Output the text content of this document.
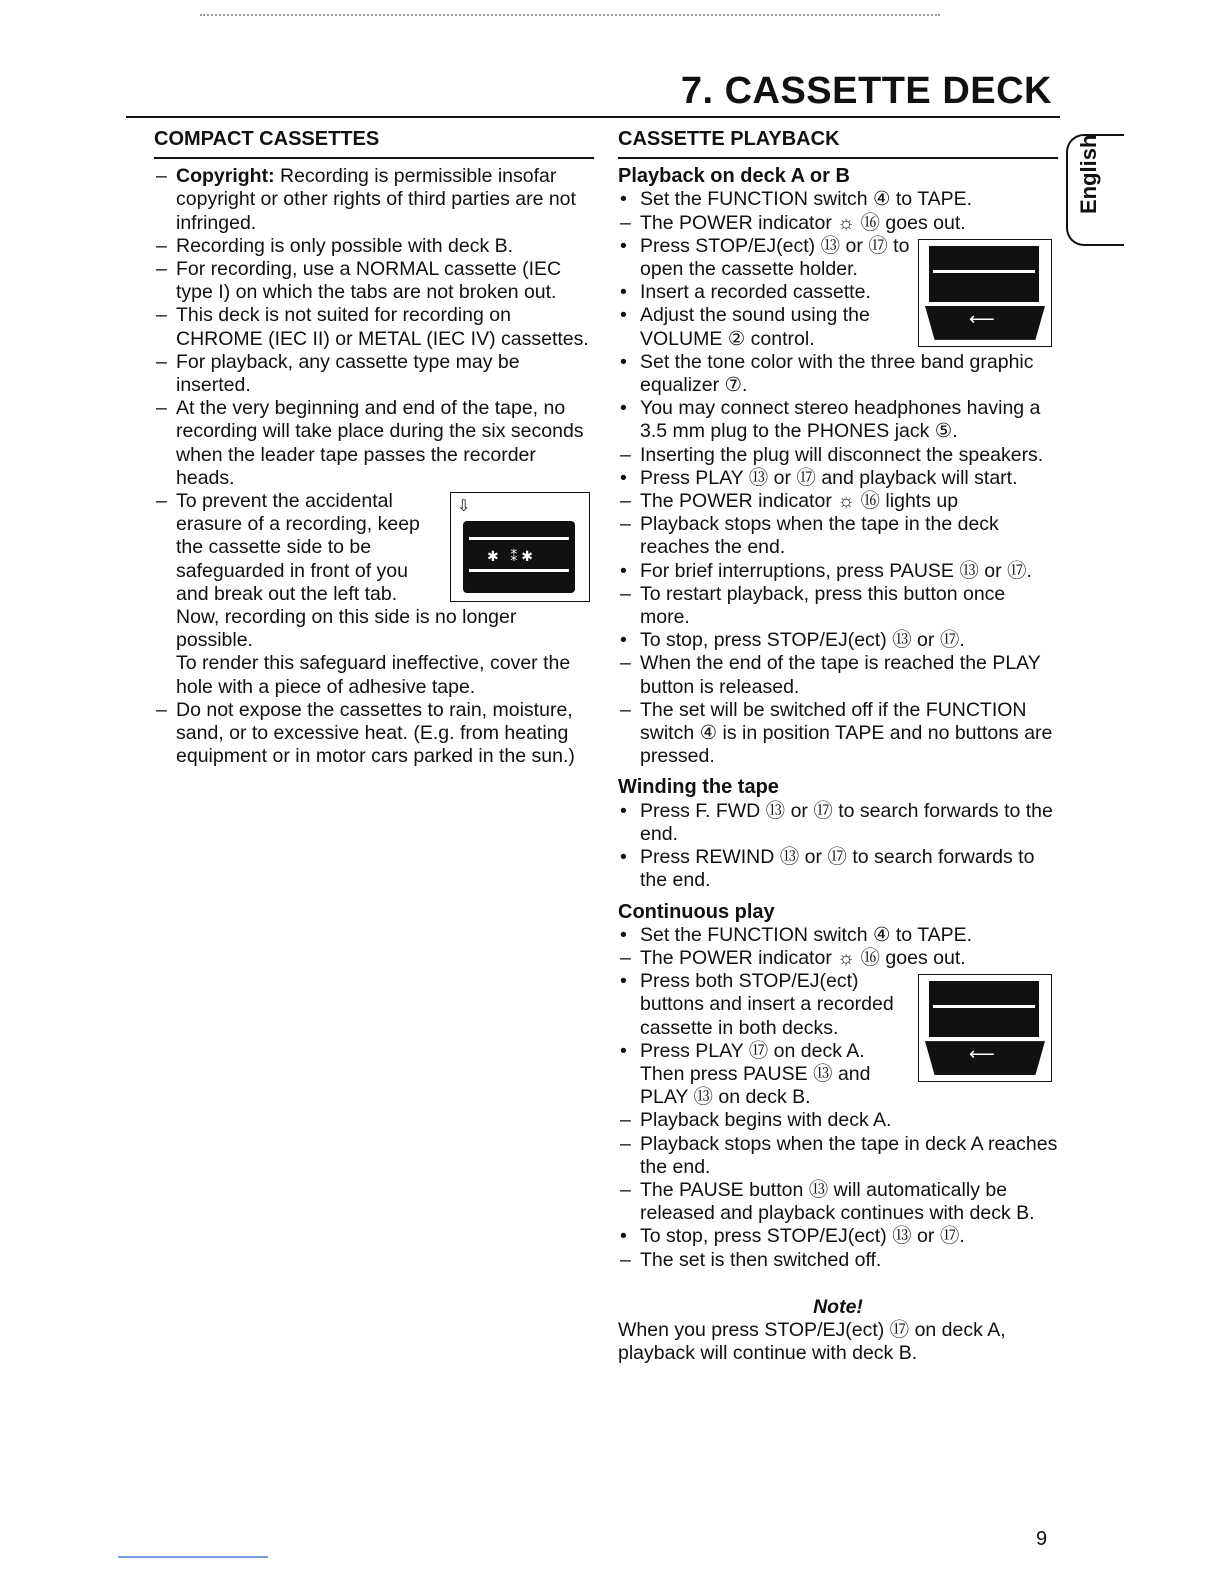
7. CASSETTE DECK
English
COMPACT CASSETTES

– Copyright: Recording is permissible insofar copyright or other rights of third parties are not infringed.

– Recording is only possible with deck B.

– For recording, use a NORMAL cassette (IEC type I) on which the tabs are not broken out.

– This deck is not suited for recording on CHROME (IEC II) or METAL (IEC IV) cassettes.

– For playback, any cassette type may be inserted.

– At the very beginning and end of the tape, no recording will take place during the six seconds when the leader tape passes the recorder heads.

–	⇩
✱   ⁑ ✱
To prevent the accidental erasure of a recording, keep the cassette side to be safeguarded in front of you and break out the left tab. Now, recording on this side is no longer possible.
To render this safeguard ineffective, cover the hole with a piece of adhesive tape.

– Do not expose the cassettes to rain, moisture, sand, or to excessive heat. (E.g. from heating equipment or in motor cars parked in the sun.)

CASSETTE PLAYBACK
Playback on deck A or B

• Set the FUNCTION switch ④ to TAPE.

– The POWER indicator ☼ ⑯ goes out.

⟵

• Press STOP/EJ(ect) ⑬ or ⑰ to open the cassette holder.

• Insert a recorded cassette.

• Adjust the sound using the VOLUME ② control.

• Set the tone color with the three band graphic equalizer ⑦.

• You may connect stereo headphones having a 3.5 mm plug to the PHONES jack ⑤.

– Inserting the plug will disconnect the speakers.

• Press PLAY ⑬ or ⑰ and playback will start.

– The POWER indicator ☼ ⑯ lights up

– Playback stops when the tape in the deck reaches the end.

• For brief interruptions, press PAUSE ⑬ or ⑰.

– To restart playback, press this button once more.

• To stop, press STOP/EJ(ect) ⑬ or ⑰.

– When the end of the tape is reached the PLAY button is released.

– The set will be switched off if the FUNCTION switch ④ is in position TAPE and no buttons are pressed.

Winding the tape

• Press F. FWD ⑬ or ⑰ to search forwards to the end.

• Press REWIND ⑬ or ⑰ to search forwards to the end.

Continuous play

• Set the FUNCTION switch ④ to TAPE.

– The POWER indicator ☼ ⑯ goes out.

⟵

• Press both STOP/EJ(ect) buttons and insert a recorded cassette in both decks.

• Press PLAY ⑰ on deck A. Then press PAUSE ⑬ and PLAY ⑬ on deck B.

– Playback begins with deck A.

– Playback stops when the tape in deck A reaches the end.

– The PAUSE button ⑬ will automatically be released and playback continues with deck B.

• To stop, press STOP/EJ(ect) ⑬ or ⑰.

– The set is then switched off.

Note!
When you press STOP/EJ(ect) ⑰ on deck A, playback will continue with deck B.
9
